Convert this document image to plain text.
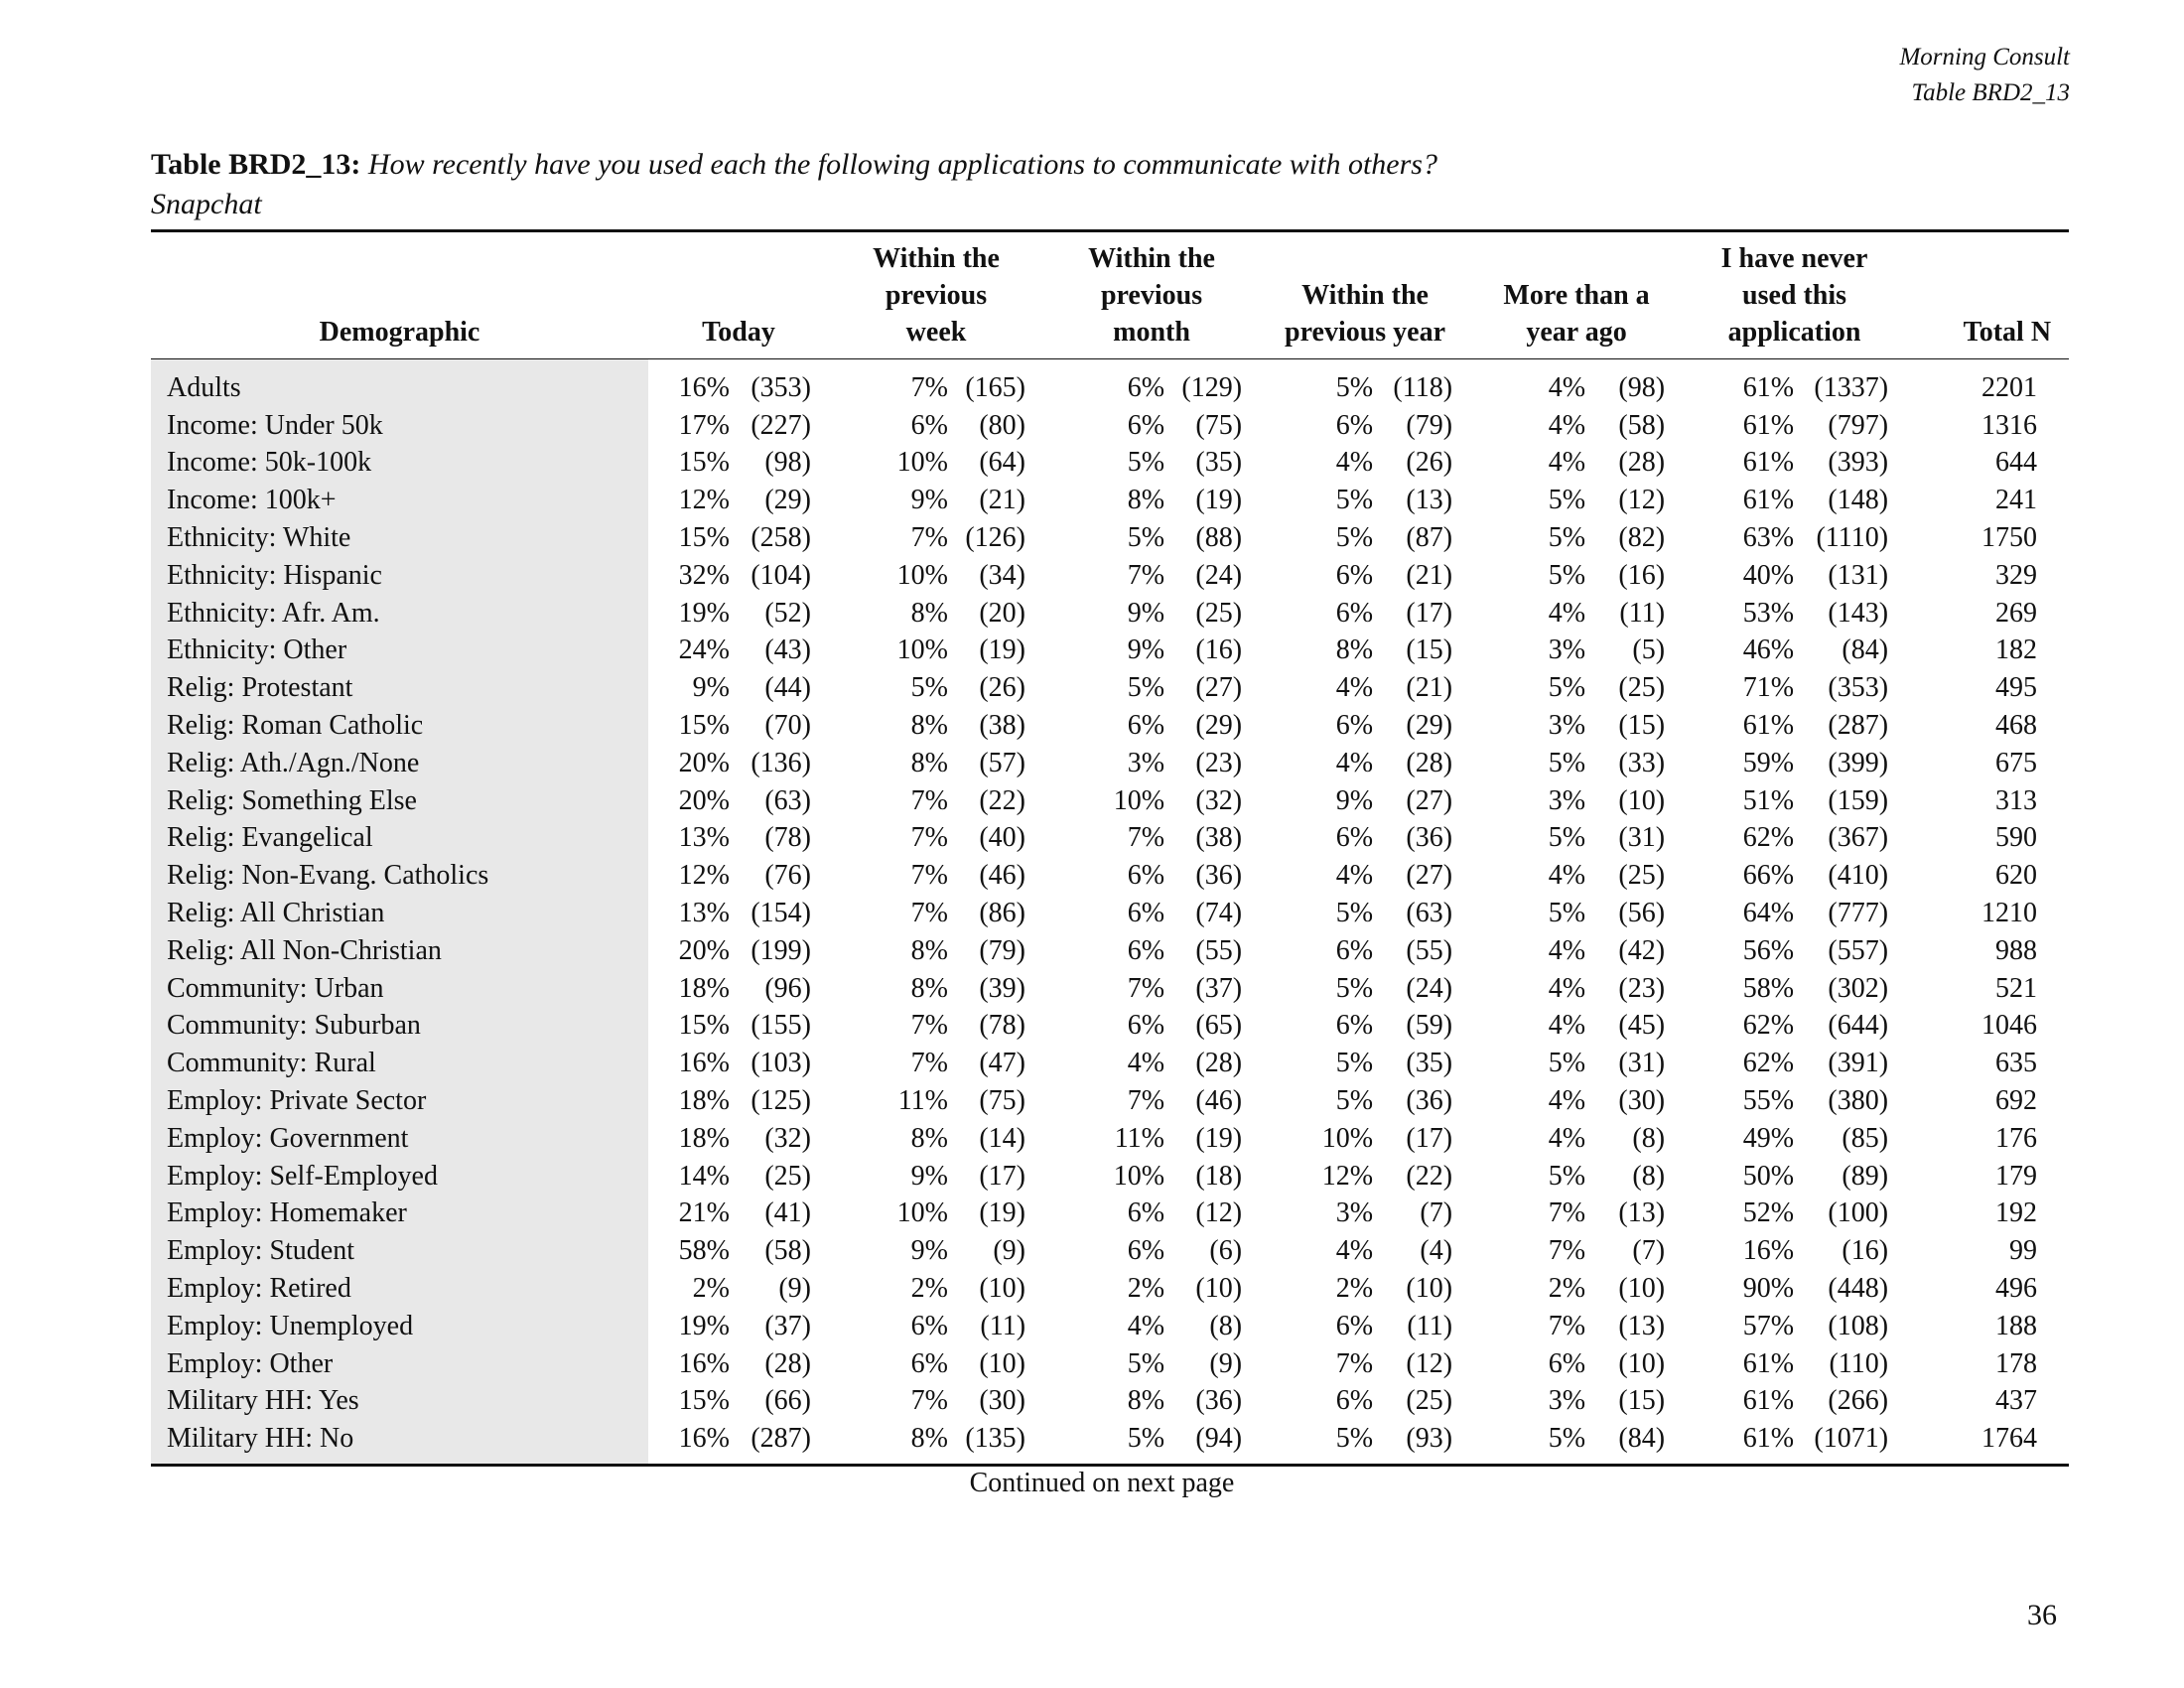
Morning Consult
Table BRD2_13
Table BRD2_13: How recently have you used each the following applications to communicate with others?
Snapchat
Demographic	Today		Within the
previous
week		Within the
previous
month		Within the
previous year		More than a
year ago		I have never
used this
application		Total N
Adults	16%	(353)	7%	(165)	6%	(129)	5%	(118)	4%	(98)	61%	(1337)	2201
Income: Under 50k	17%	(227)	6%	(80)	6%	(75)	6%	(79)	4%	(58)	61%	(797)	1316
Income: 50k-100k	15%	(98)	10%	(64)	5%	(35)	4%	(26)	4%	(28)	61%	(393)	644
Income: 100k+	12%	(29)	9%	(21)	8%	(19)	5%	(13)	5%	(12)	61%	(148)	241
Ethnicity: White	15%	(258)	7%	(126)	5%	(88)	5%	(87)	5%	(82)	63%	(1110)	1750
Ethnicity: Hispanic	32%	(104)	10%	(34)	7%	(24)	6%	(21)	5%	(16)	40%	(131)	329
Ethnicity: Afr. Am.	19%	(52)	8%	(20)	9%	(25)	6%	(17)	4%	(11)	53%	(143)	269
Ethnicity: Other	24%	(43)	10%	(19)	9%	(16)	8%	(15)	3%	(5)	46%	(84)	182
Relig: Protestant	9%	(44)	5%	(26)	5%	(27)	4%	(21)	5%	(25)	71%	(353)	495
Relig: Roman Catholic	15%	(70)	8%	(38)	6%	(29)	6%	(29)	3%	(15)	61%	(287)	468
Relig: Ath./Agn./None	20%	(136)	8%	(57)	3%	(23)	4%	(28)	5%	(33)	59%	(399)	675
Relig: Something Else	20%	(63)	7%	(22)	10%	(32)	9%	(27)	3%	(10)	51%	(159)	313
Relig: Evangelical	13%	(78)	7%	(40)	7%	(38)	6%	(36)	5%	(31)	62%	(367)	590
Relig: Non-Evang. Catholics	12%	(76)	7%	(46)	6%	(36)	4%	(27)	4%	(25)	66%	(410)	620
Relig: All Christian	13%	(154)	7%	(86)	6%	(74)	5%	(63)	5%	(56)	64%	(777)	1210
Relig: All Non-Christian	20%	(199)	8%	(79)	6%	(55)	6%	(55)	4%	(42)	56%	(557)	988
Community: Urban	18%	(96)	8%	(39)	7%	(37)	5%	(24)	4%	(23)	58%	(302)	521
Community: Suburban	15%	(155)	7%	(78)	6%	(65)	6%	(59)	4%	(45)	62%	(644)	1046
Community: Rural	16%	(103)	7%	(47)	4%	(28)	5%	(35)	5%	(31)	62%	(391)	635
Employ: Private Sector	18%	(125)	11%	(75)	7%	(46)	5%	(36)	4%	(30)	55%	(380)	692
Employ: Government	18%	(32)	8%	(14)	11%	(19)	10%	(17)	4%	(8)	49%	(85)	176
Employ: Self-Employed	14%	(25)	9%	(17)	10%	(18)	12%	(22)	5%	(8)	50%	(89)	179
Employ: Homemaker	21%	(41)	10%	(19)	6%	(12)	3%	(7)	7%	(13)	52%	(100)	192
Employ: Student	58%	(58)	9%	(9)	6%	(6)	4%	(4)	7%	(7)	16%	(16)	99
Employ: Retired	2%	(9)	2%	(10)	2%	(10)	2%	(10)	2%	(10)	90%	(448)	496
Employ: Unemployed	19%	(37)	6%	(11)	4%	(8)	6%	(11)	7%	(13)	57%	(108)	188
Employ: Other	16%	(28)	6%	(10)	5%	(9)	7%	(12)	6%	(10)	61%	(110)	178
Military HH: Yes	15%	(66)	7%	(30)	8%	(36)	6%	(25)	3%	(15)	61%	(266)	437
Military HH: No	16%	(287)	8%	(135)	5%	(94)	5%	(93)	5%	(84)	61%	(1071)	1764
Continued on next page
36
